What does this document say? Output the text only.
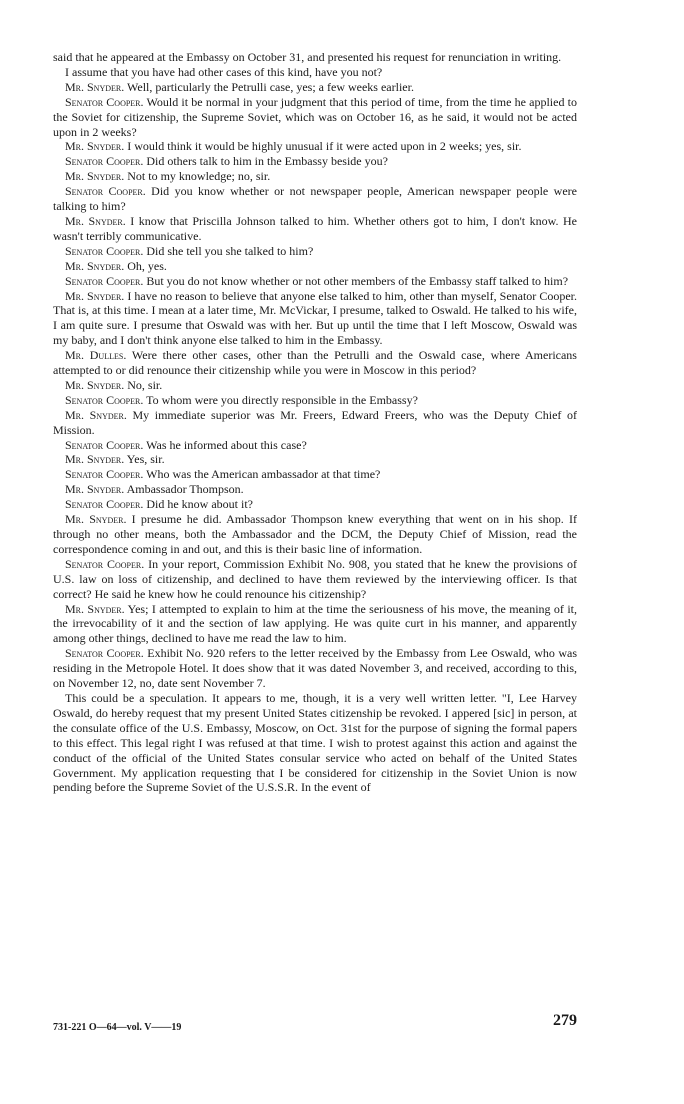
said that he appeared at the Embassy on October 31, and presented his request for renunciation in writing.

I assume that you have had other cases of this kind, have you not?

Mr. Snyder. Well, particularly the Petrulli case, yes; a few weeks earlier.

Senator Cooper. Would it be normal in your judgment that this period of time, from the time he applied to the Soviet for citizenship, the Supreme Soviet, which was on October 16, as he said, it would not be acted upon in 2 weeks?

Mr. Snyder. I would think it would be highly unusual if it were acted upon in 2 weeks; yes, sir.

Senator Cooper. Did others talk to him in the Embassy beside you?

Mr. Snyder. Not to my knowledge; no, sir.

Senator Cooper. Did you know whether or not newspaper people, American newspaper people were talking to him?

Mr. Snyder. I know that Priscilla Johnson talked to him. Whether others got to him, I don't know. He wasn't terribly communicative.

Senator Cooper. Did she tell you she talked to him?

Mr. Snyder. Oh, yes.

Senator Cooper. But you do not know whether or not other members of the Embassy staff talked to him?

Mr. Snyder. I have no reason to believe that anyone else talked to him, other than myself, Senator Cooper. That is, at this time. I mean at a later time, Mr. McVickar, I presume, talked to Oswald. He talked to his wife, I am quite sure. I presume that Oswald was with her. But up until the time that I left Moscow, Oswald was my baby, and I don't think anyone else talked to him in the Embassy.

Mr. Dulles. Were there other cases, other than the Petrulli and the Oswald case, where Americans attempted to or did renounce their citizenship while you were in Moscow in this period?

Mr. Snyder. No, sir.

Senator Cooper. To whom were you directly responsible in the Embassy?

Mr. Snyder. My immediate superior was Mr. Freers, Edward Freers, who was the Deputy Chief of Mission.

Senator Cooper. Was he informed about this case?

Mr. Snyder. Yes, sir.

Senator Cooper. Who was the American ambassador at that time?

Mr. Snyder. Ambassador Thompson.

Senator Cooper. Did he know about it?

Mr. Snyder. I presume he did. Ambassador Thompson knew everything that went on in his shop. If through no other means, both the Ambassador and the DCM, the Deputy Chief of Mission, read the correspondence coming in and out, and this is their basic line of information.

Senator Cooper. In your report, Commission Exhibit No. 908, you stated that he knew the provisions of U.S. law on loss of citizenship, and declined to have them reviewed by the interviewing officer. Is that correct? He said he knew how he could renounce his citizenship?

Mr. Snyder. Yes; I attempted to explain to him at the time the seriousness of his move, the meaning of it, the irrevocability of it and the section of law applying. He was quite curt in his manner, and apparently among other things, declined to have me read the law to him.

Senator Cooper. Exhibit No. 920 refers to the letter received by the Embassy from Lee Oswald, who was residing in the Metropole Hotel. It does show that it was dated November 3, and received, according to this, on November 12, no, date sent November 7.

This could be a speculation. It appears to me, though, it is a very well written letter. "I, Lee Harvey Oswald, do hereby request that my present United States citizenship be revoked. I appered [sic] in person, at the consulate office of the U.S. Embassy, Moscow, on Oct. 31st for the purpose of signing the formal papers to this effect. This legal right I was refused at that time. I wish to protest against this action and against the conduct of the official of the United States consular service who acted on behalf of the United States Government. My application requesting that I be considered for citizenship in the Soviet Union is now pending before the Supreme Soviet of the U.S.S.R. In the event of

731-221 O—64—vol. V——19	279
